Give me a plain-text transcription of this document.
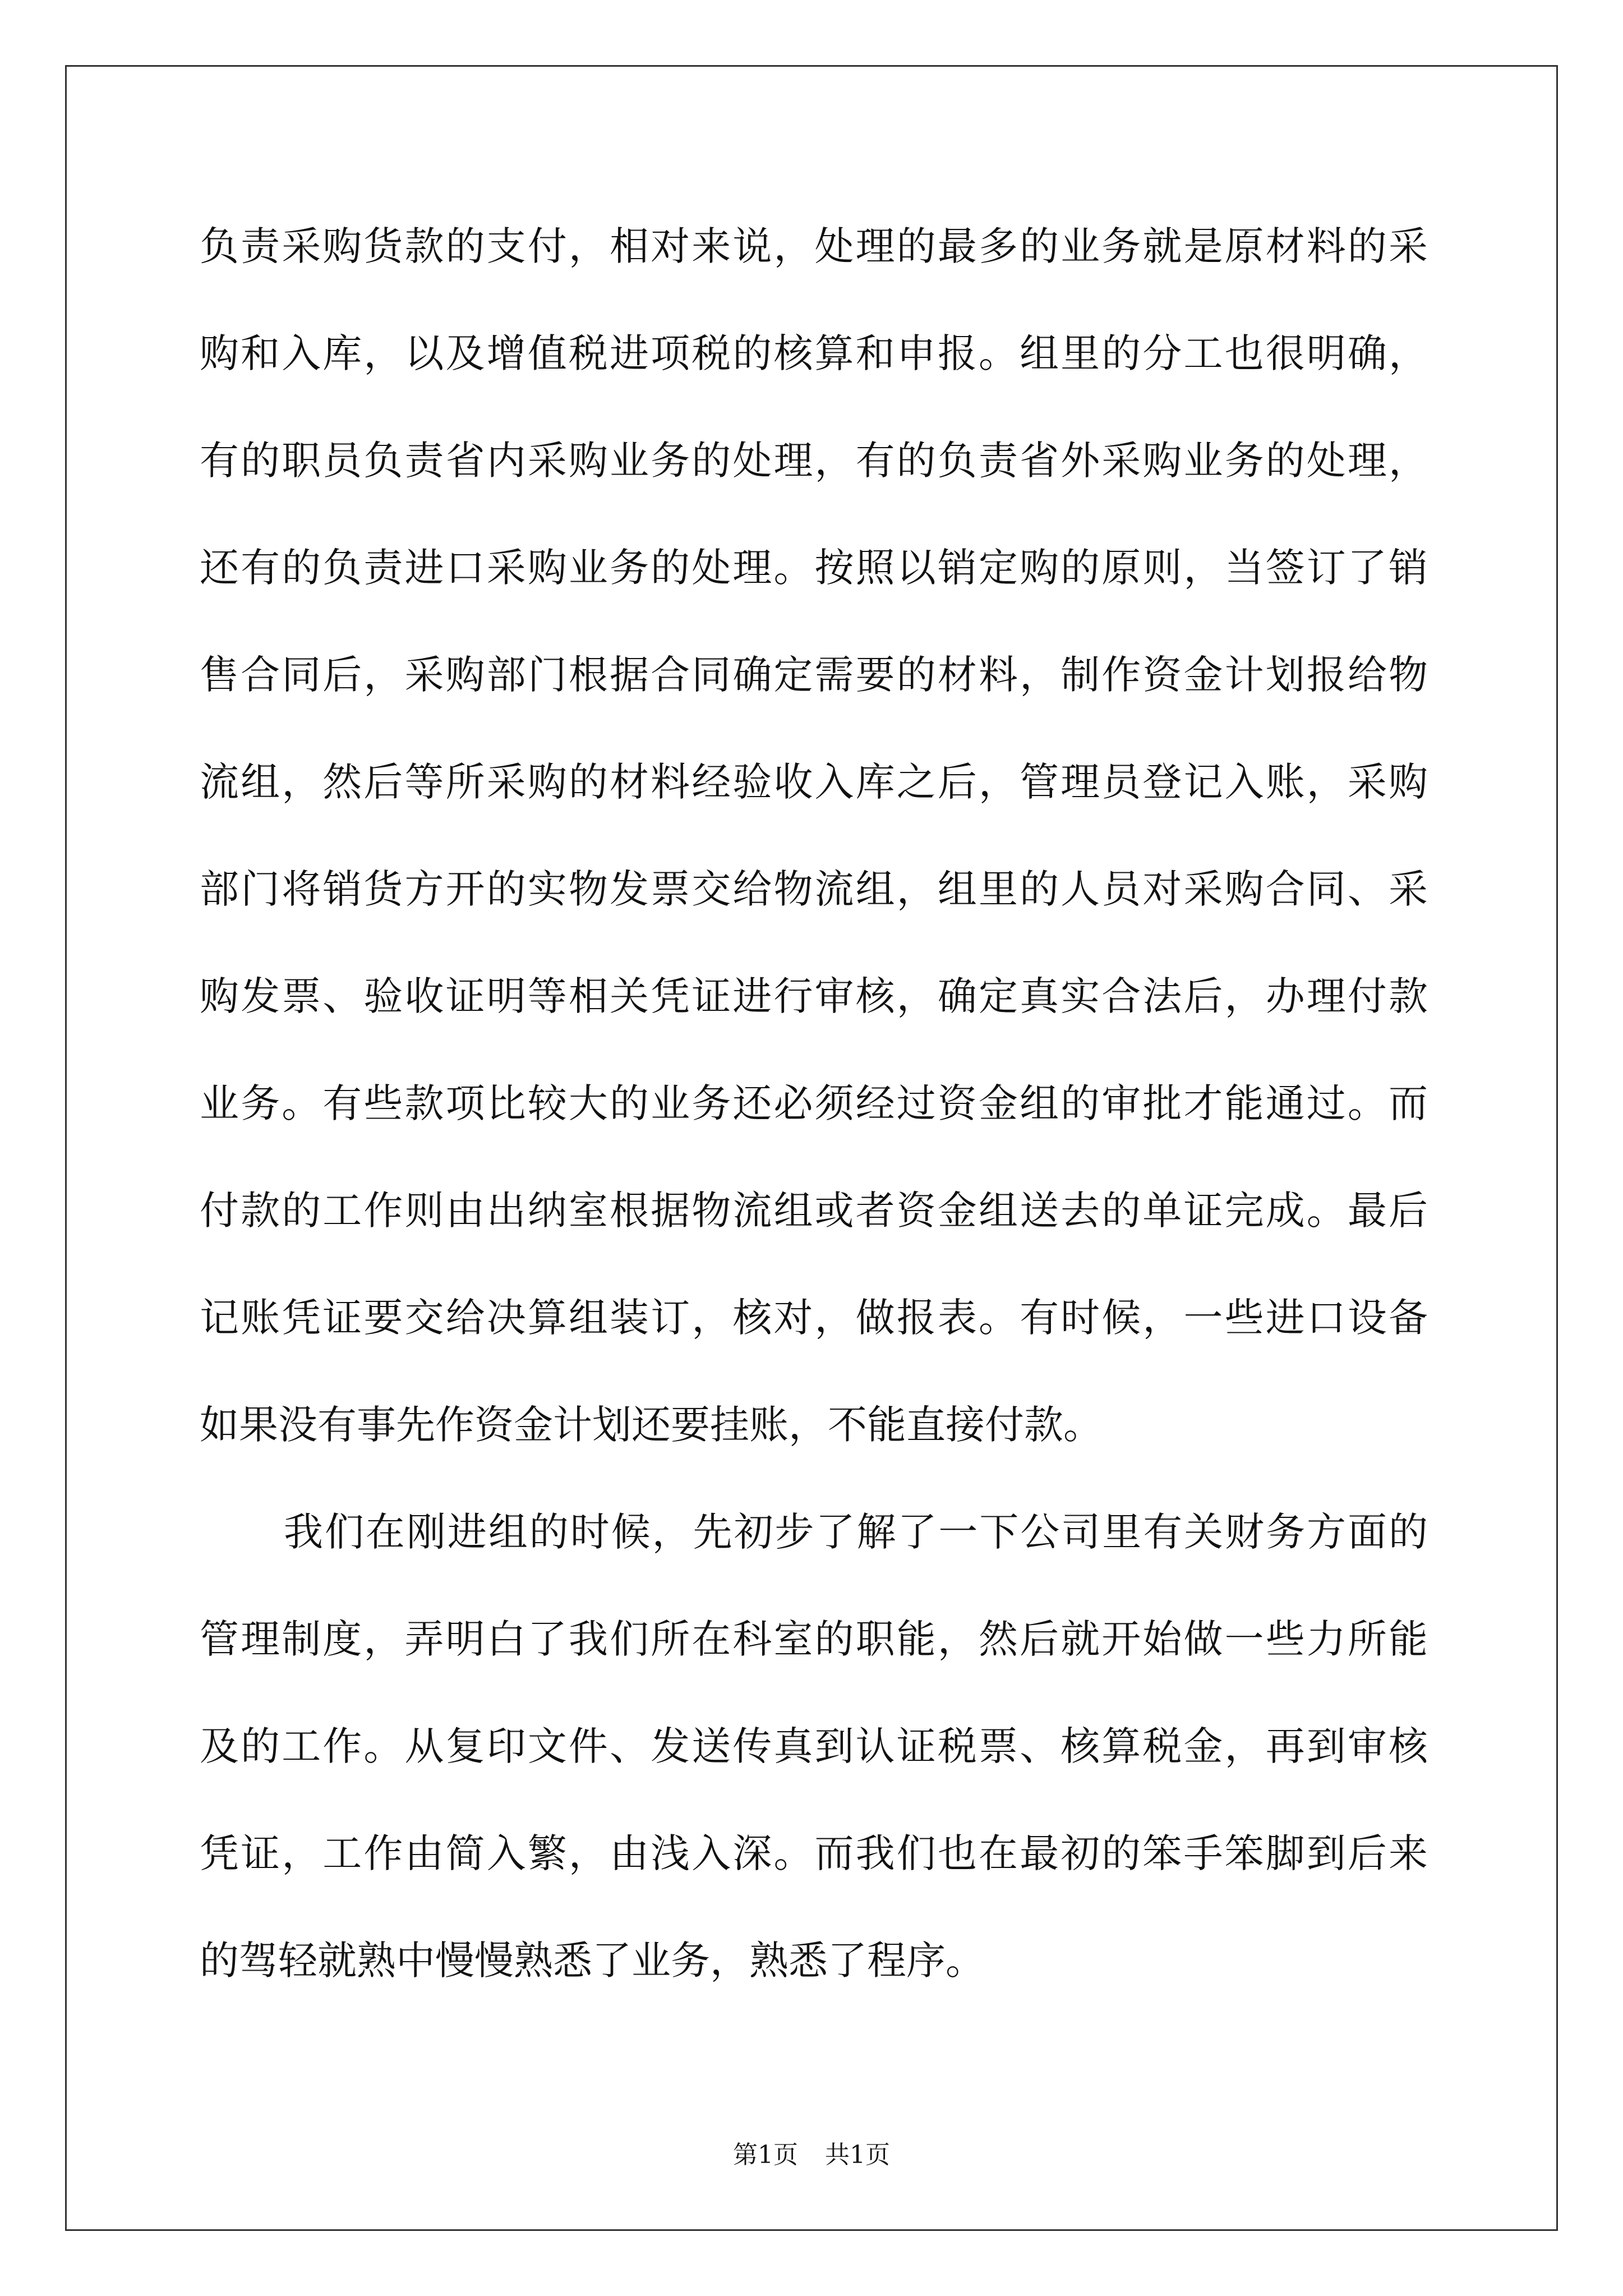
负责采购货款的支付，相对来说，处理的最多的业务就是原材料的采
购和入库，以及增值税进项税的核算和申报。组里的分工也很明确，
有的职员负责省内采购业务的处理，有的负责省外采购业务的处理，
还有的负责进口采购业务的处理。按照以销定购的原则，当签订了销
售合同后，采购部门根据合同确定需要的材料，制作资金计划报给物
流组，然后等所采购的材料经验收入库之后，管理员登记入账，采购
部门将销货方开的实物发票交给物流组，组里的人员对采购合同、采
购发票、验收证明等相关凭证进行审核，确定真实合法后，办理付款
业务。有些款项比较大的业务还必须经过资金组的审批才能通过。而
付款的工作则由出纳室根据物流组或者资金组送去的单证完成。最后
记账凭证要交给决算组装订，核对，做报表。有时候，一些进口设备
如果没有事先作资金计划还要挂账，不能直接付款。
我们在刚进组的时候，先初步了解了一下公司里有关财务方面的
管理制度，弄明白了我们所在科室的职能，然后就开始做一些力所能
及的工作。从复印文件、发送传真到认证税票、核算税金，再到审核
凭证，工作由简入繁，由浅入深。而我们也在最初的笨手笨脚到后来
的驾轻就熟中慢慢熟悉了业务，熟悉了程序。
第1页 共1页
